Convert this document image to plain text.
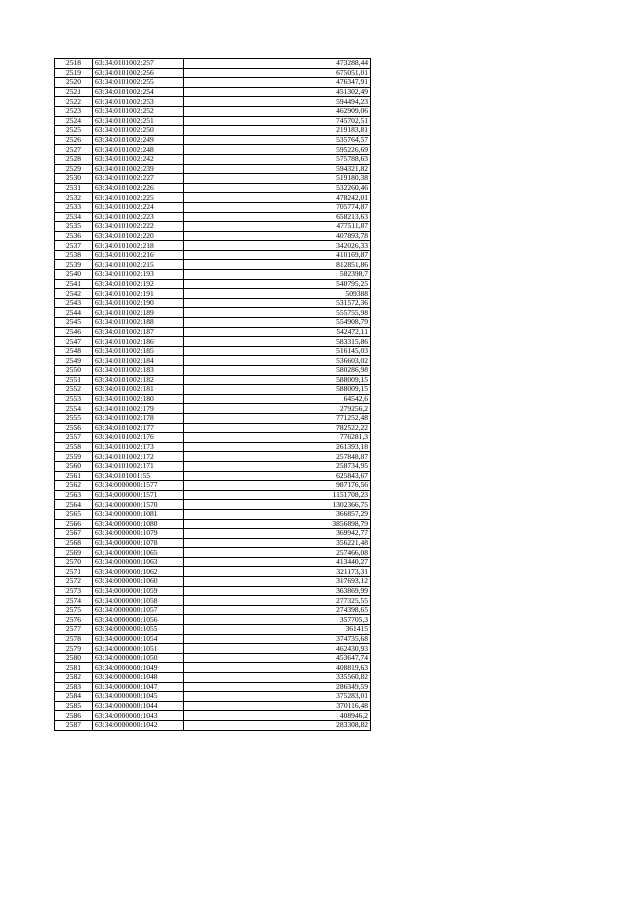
2518	63:34:0101002:257	473288,44
2519	63:34:0101002:256	675051,01
2520	63:34:0101002:255	476347,91
2521	63:34:0101002:254	451302,49
2522	63:34:0101002:253	594494,23
2523	63:34:0101002:252	462909,06
2524	63:34:0101002:251	745702,51
2525	63:34:0101002:250	219183,81
2526	63:34:0101002:249	535764,57
2527	63:34:0101002:248	595226,69
2528	63:34:0101002:242	575788,63
2529	63:34:0101002:239	594321,82
2530	63:34:0101002:227	519180,38
2531	63:34:0101002:226	532260,46
2532	63:34:0101002:225	478242,01
2533	63:34:0101002:224	705774,87
2534	63:34:0101002:223	658213,63
2535	63:34:0101002:222	477511,87
2536	63:34:0101002:220	407893,78
2537	63:34:0101002:218	342026,33
2538	63:34:0101002:216	410169,87
2539	63:34:0101002:215	812851,86
2540	63:34:0101002:193	582398,7
2541	63:34:0101002:192	540795,25
2542	63:34:0101002:191	509388
2543	63:34:0101002:190	531572,36
2544	63:34:0101002:189	555755,98
2545	63:34:0101002:188	554908,79
2546	63:34:0101002:187	542472,11
2547	63:34:0101002:186	583315,86
2548	63:34:0101002:185	516145,03
2549	63:34:0101002:184	536603,02
2550	63:34:0101002:183	580286,98
2551	63:34:0101002:182	588009,15
2552	63:34:0101002:181	588009,15
2553	63:34:0101002:180	64542,6
2554	63:34:0101002:179	279256,2
2555	63:34:0101002:178	771252,48
2556	63:34:0101002:177	782522,22
2557	63:34:0101002:176	776281,3
2558	63:34:0101002:173	261393,18
2559	63:34:0101002:172	257848,87
2560	63:34:0101002:171	258734,95
2561	63:34:0101001:55	625843,67
2562	63:34:0000000:1577	987176,56
2563	63:34:0000000:1571	1151708,23
2564	63:34:0000000:1570	1302366,75
2565	63:34:0000000:1081	366857,29
2566	63:34:0000000:1080	3856898,79
2567	63:34:0000000:1079	369942,77
2568	63:34:0000000:1078	356221,48
2569	63:34:0000000:1065	257466,08
2570	63:34:0000000:1063	413440,27
2571	63:34:0000000:1062	321173,31
2572	63:34:0000000:1060	317693,12
2573	63:34:0000000:1059	363869,99
2574	63:34:0000000:1058	277325,55
2575	63:34:0000000:1057	274398,65
2576	63:34:0000000:1056	357705,3
2577	63:34:0000000:1055	361415
2578	63:34:0000000:1054	374735,68
2579	63:34:0000000:1051	462430,93
2580	63:34:0000000:1050	453647,74
2581	63:34:0000000:1049	408819,63
2582	63:34:0000000:1048	335560,82
2583	63:34:0000000:1047	286349,59
2584	63:34:0000000:1045	375283,01
2585	63:34:0000000:1044	370116,48
2586	63:34:0000000:1043	408946,2
2587	63:34:0000000:1042	283308,82
